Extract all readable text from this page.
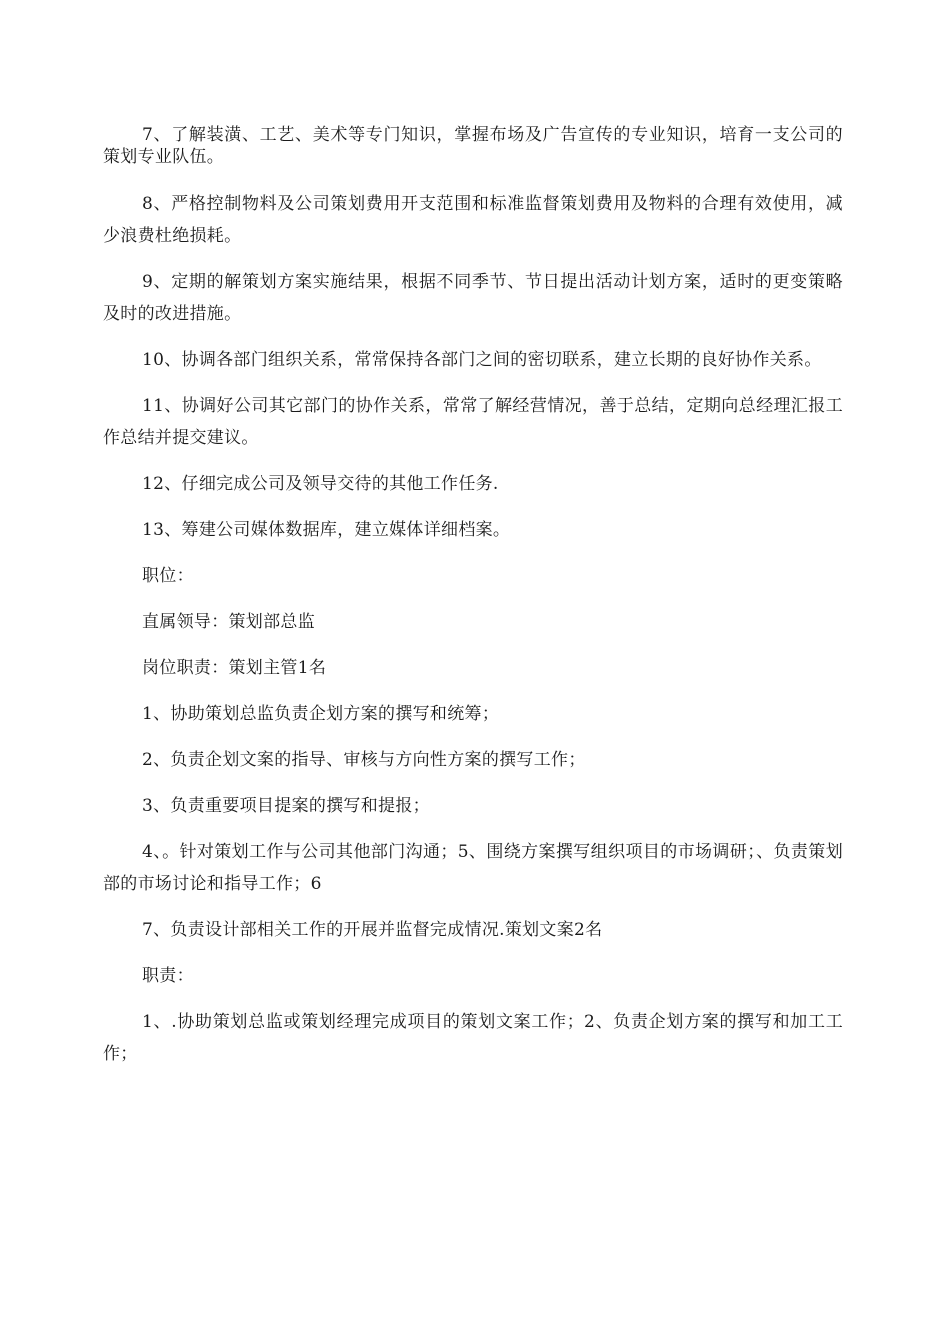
7、了解装潢、工艺、美术等专门知识，掌握布场及广告宣传的专业知识，培育一支公司的策划专业队伍。

8、严格控制物料及公司策划费用开支范围和标准监督策划费用及物料的合理有效使用，减少浪费杜绝损耗。

9、定期的解策划方案实施结果，根据不同季节、节日提出活动计划方案，适时的更变策略及时的改进措施。

10、协调各部门组织关系，常常保持各部门之间的密切联系，建立长期的良好协作关系。

11、协调好公司其它部门的协作关系，常常了解经营情况，善于总结，定期向总经理汇报工作总结并提交建议。

12、仔细完成公司及领导交待的其他工作任务.

13、筹建公司媒体数据库，建立媒体详细档案。

职位：

直属领导：策划部总监

岗位职责：策划主管1名

1、协助策划总监负责企划方案的撰写和统筹；

2、负责企划文案的指导、审核与方向性方案的撰写工作；

3、负责重要项目提案的撰写和提报；

4、。针对策划工作与公司其他部门沟通；5、围绕方案撰写组织项目的市场调研；、负责策划部的市场讨论和指导工作；6

7、负责设计部相关工作的开展并监督完成情况.策划文案2名

职责：

1、.协助策划总监或策划经理完成项目的策划文案工作；2、负责企划方案的撰写和加工工作；
